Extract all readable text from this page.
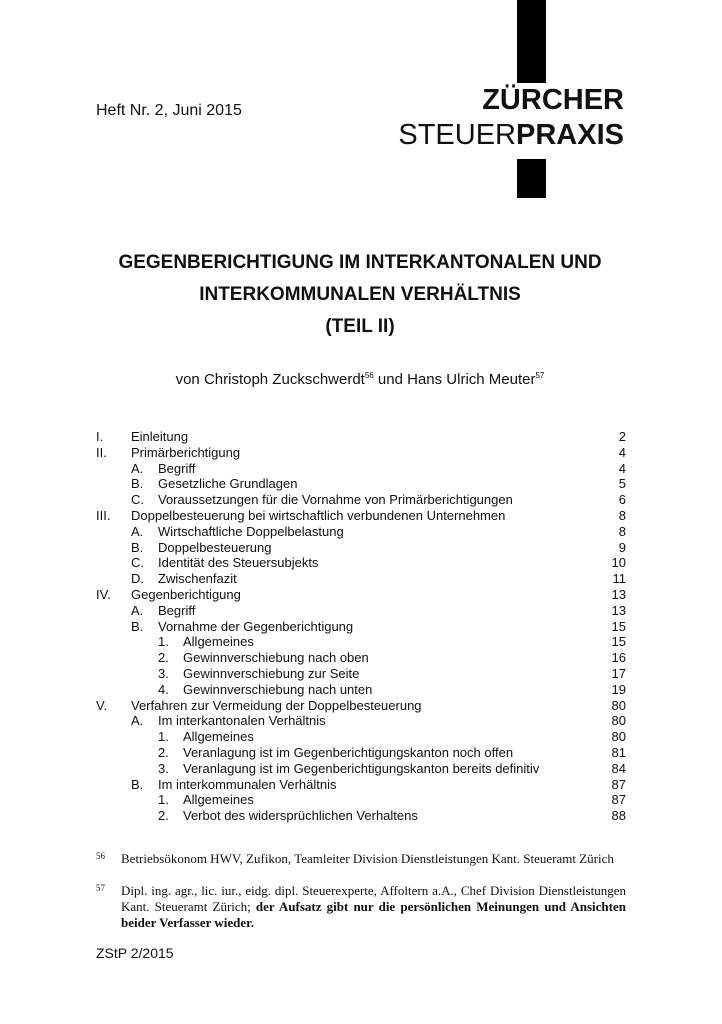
Heft Nr. 2, Juni 2015	ZÜRCHER
STEUERPRAXIS
GEGENBERICHTIGUNG IM INTERKANTONALEN UND
INTERKOMMUNALEN VERHÄLTNIS
(TEIL II)
von Christoph Zuckschwerdt$^{56}$ und Hans Ulrich Meuter$^{57}$
I. Einleitung	2
II. Primärberichtigung	4
A. Begriff	4
B. Gesetzliche Grundlagen	5
C. Voraussetzungen für die Vornahme von Primärberichtigungen	6
III. Doppelbesteuerung bei wirtschaftlich verbundenen Unternehmen	8
A. Wirtschaftliche Doppelbelastung	8
B. Doppelbesteuerung	9
C. Identität des Steuersubjekts	10
D. Zwischenfazit	11
IV. Gegenberichtigung	13
A. Begriff	13
B. Vornahme der Gegenberichtigung	15
1. Allgemeines	15
2. Gewinnverschiebung nach oben	16
3. Gewinnverschiebung zur Seite	17
4. Gewinnverschiebung nach unten	19
V. Verfahren zur Vermeidung der Doppelbesteuerung	80
A. Im interkantonalen Verhältnis	80
1. Allgemeines	80
2. Veranlagung ist im Gegenberichtigungskanton noch offen	81
3. Veranlagung ist im Gegenberichtigungskanton bereits definitiv	84
B. Im interkommunalen Verhältnis	87
1. Allgemeines	87
2. Verbot des widersprüchlichen Verhaltens	88
56 Betriebsökonom HWV, Zufikon, Teamleiter Division Dienstleistungen Kant. Steueramt Zürich
57 Dipl. ing. agr., lic. iur., eidg. dipl. Steuerexperte, Affoltern a.A., Chef Division Dienstleistungen Kant. Steueramt Zürich; der Aufsatz gibt nur die persönlichen Meinungen und Ansichten beider Verfasser wieder.
ZStP 2/2015
